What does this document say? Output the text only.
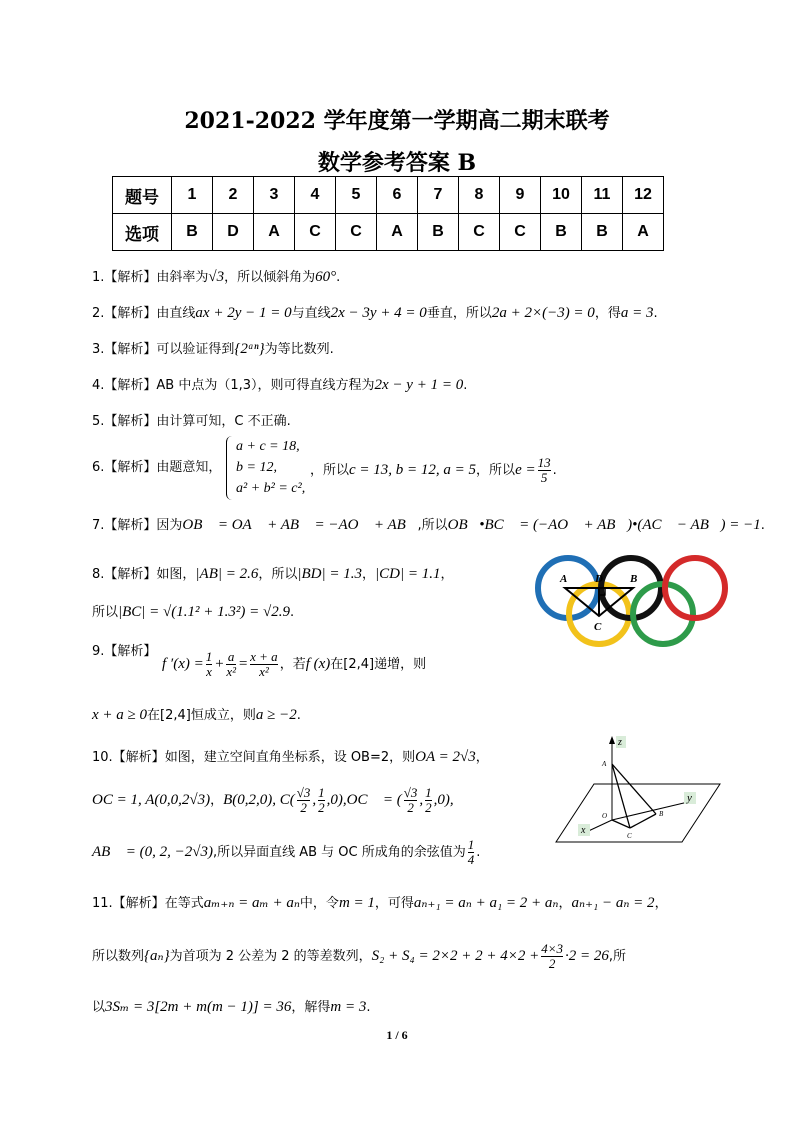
2021-2022 学年度第一学期高二期末联考
数学参考答案 B
题号	1	2	3	4	5	6	7	8	9	10	11	12
选项	B	D	A	C	C	A	B	C	C	B	B	A
1.【解析】由斜率为√3，所以倾斜角为60°.
2.【解析】由直线ax + 2y − 1 = 0与直线2x − 3y + 4 = 0垂直，所以2a + 2×(−3) = 0，得a = 3.
3.【解析】可以验证得到{2ᵃⁿ}为等比数列.
4.【解析】AB 中点为（1,3），则可得直线方程为2x − y + 1 = 0.
5.【解析】由计算可知，C 不正确.
6.【解析】由题意知，
a + c = 18,
b = 12,
a² + b² = c²,
，所以c = 13, b = 12, a = 5，所以$e = \frac{13}{5}$ .
7.【解析】因为OB⃗ = OA⃗ + AB⃗ = −AO⃗ + AB⃗,所以OB⃗•BC⃗ = (−AO⃗ + AB⃗)•(AC⃗ − AB⃗) = −1.
8.【解析】如图，|AB| = 2.6，所以|BD| = 1.3，|CD| = 1.1，
所以|BC| = √(1.1² + 1.3²) = √2.9.
A	D B
C
9.【解析】
f $'(x) = \frac{1}{x} + \frac{a}{\text{x²}} = \frac{x + a}{\text{x²}}$ ，若f (x)在[2,4]递增，则
x + a ≥ 0在[2,4]恒成立，则a ≥ −2.
10.【解析】如图，建立空间直角坐标系，设 OB=2，则OA = 2√3，
OC = 1, A(0,0,2√3)，B(0,2,0), $C( \frac{√3}{2}$ , $\frac{1}{2}$ ,0),OC⃗ = ( $\frac{√3}{2}$ , $\frac{1}{2} ,0$),
AB⃗ = (0, 2, −2√3),所以异面直线 AB 与 OC 所成角的余弦值为 $\frac{1}{4}$ .
z
y
x
A
O	B
C
11.【解析】在等式aₘ₊ₙ = aₘ + aₙ中，令m = 1，可得aₙ₊₁ = aₙ + a₁ = 2 + aₙ，aₙ₊₁ − aₙ = 2，
所以数列{aₙ}为首项为 2 公差为 2 的等差数列，$S_2 + S_4 = 2\times 2 + 2 + 4\times 2 + \frac{4\times 3}{2} \cdot 2 = 26$,所
以3Sₘ = 3[2m + m(m − 1)] = 36，解得m = 3.
1 / 6
